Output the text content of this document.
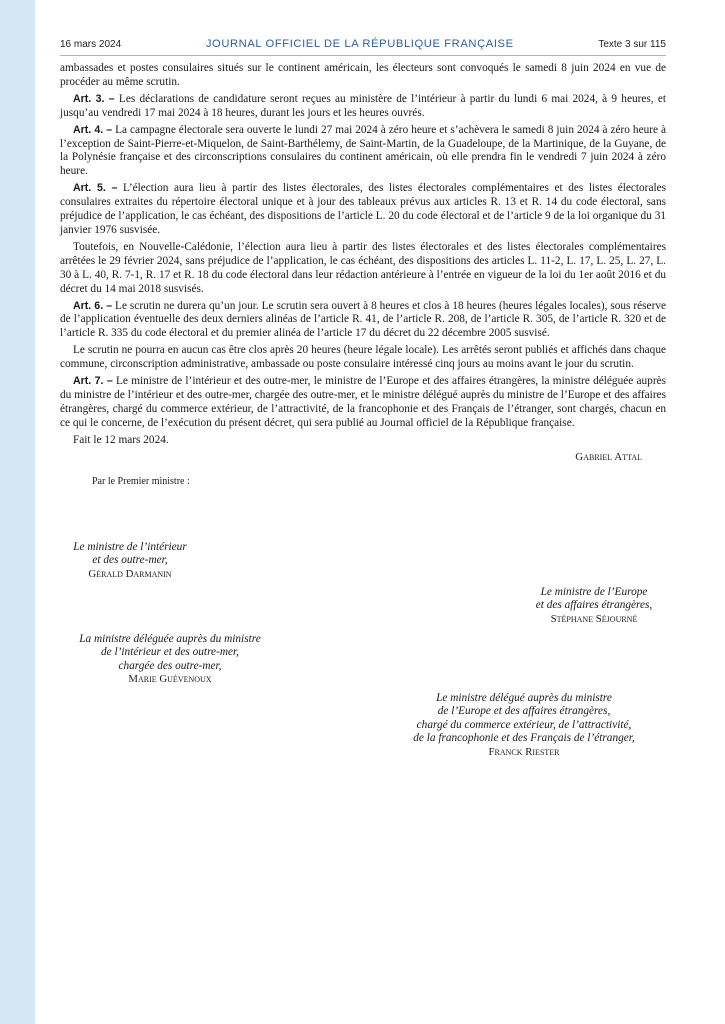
16 mars 2024	JOURNAL OFFICIEL DE LA RÉPUBLIQUE FRANÇAISE	Texte 3 sur 115

ambassades et postes consulaires situés sur le continent américain, les électeurs sont convoqués le samedi 8 juin 2024 en vue de procéder au même scrutin.

Art. 3. – Les déclarations de candidature seront reçues au ministère de l’intérieur à partir du lundi 6 mai 2024, à 9 heures, et jusqu’au vendredi 17 mai 2024 à 18 heures, durant les jours et les heures ouvrés.

Art. 4. – La campagne électorale sera ouverte le lundi 27 mai 2024 à zéro heure et s’achèvera le samedi 8 juin 2024 à zéro heure à l’exception de Saint-Pierre-et-Miquelon, de Saint-Barthélemy, de Saint-Martin, de la Guadeloupe, de la Martinique, de la Guyane, de la Polynésie française et des circonscriptions consulaires du continent américain, où elle prendra fin le vendredi 7 juin 2024 à zéro heure.

Art. 5. – L’élection aura lieu à partir des listes électorales, des listes électorales complémentaires et des listes électorales consulaires extraites du répertoire électoral unique et à jour des tableaux prévus aux articles R. 13 et R. 14 du code électoral, sans préjudice de l’application, le cas échéant, des dispositions de l’article L. 20 du code électoral et de l’article 9 de la loi organique du 31 janvier 1976 susvisée.

Toutefois, en Nouvelle-Calédonie, l’élection aura lieu à partir des listes électorales et des listes électorales complémentaires arrêtées le 29 février 2024, sans préjudice de l’application, le cas échéant, des dispositions des articles L. 11-2, L. 17, L. 25, L. 27, L. 30 à L. 40, R. 7-1, R. 17 et R. 18 du code électoral dans leur rédaction antérieure à l’entrée en vigueur de la loi du 1er août 2016 et du décret du 14 mai 2018 susvisés.

Art. 6. – Le scrutin ne durera qu’un jour. Le scrutin sera ouvert à 8 heures et clos à 18 heures (heures légales locales), sous réserve de l’application éventuelle des deux derniers alinéas de l’article R. 41, de l’article R. 208, de l’article R. 305, de l’article R. 320 et de l’article R. 335 du code électoral et du premier alinéa de l’article 17 du décret du 22 décembre 2005 susvisé.

Le scrutin ne pourra en aucun cas être clos après 20 heures (heure légale locale). Les arrêtés seront publiés et affichés dans chaque commune, circonscription administrative, ambassade ou poste consulaire intéressé cinq jours au moins avant le jour du scrutin.

Art. 7. – Le ministre de l’intérieur et des outre-mer, le ministre de l’Europe et des affaires étrangères, la ministre déléguée auprès du ministre de l’intérieur et des outre-mer, chargée des outre-mer, et le ministre délégué auprès du ministre de l’Europe et des affaires étrangères, chargé du commerce extérieur, de l’attractivité, de la francophonie et des Français de l’étranger, sont chargés, chacun en ce qui le concerne, de l’exécution du présent décret, qui sera publié au Journal officiel de la République française.

Fait le 12 mars 2024.

Gabriel Attal
Par le Premier ministre :
Le ministre de l’intérieur
et des outre-mer,
Gérald Darmanin
Le ministre de l’Europe
et des affaires étrangères,
Stéphane Séjourné
La ministre déléguée auprès du ministre
de l’intérieur et des outre-mer,
chargée des outre-mer,
Marie Guévenoux
Le ministre délégué auprès du ministre
de l’Europe et des affaires étrangères,
chargé du commerce extérieur, de l’attractivité,
de la francophonie et des Français de l’étranger,
Franck Riester
